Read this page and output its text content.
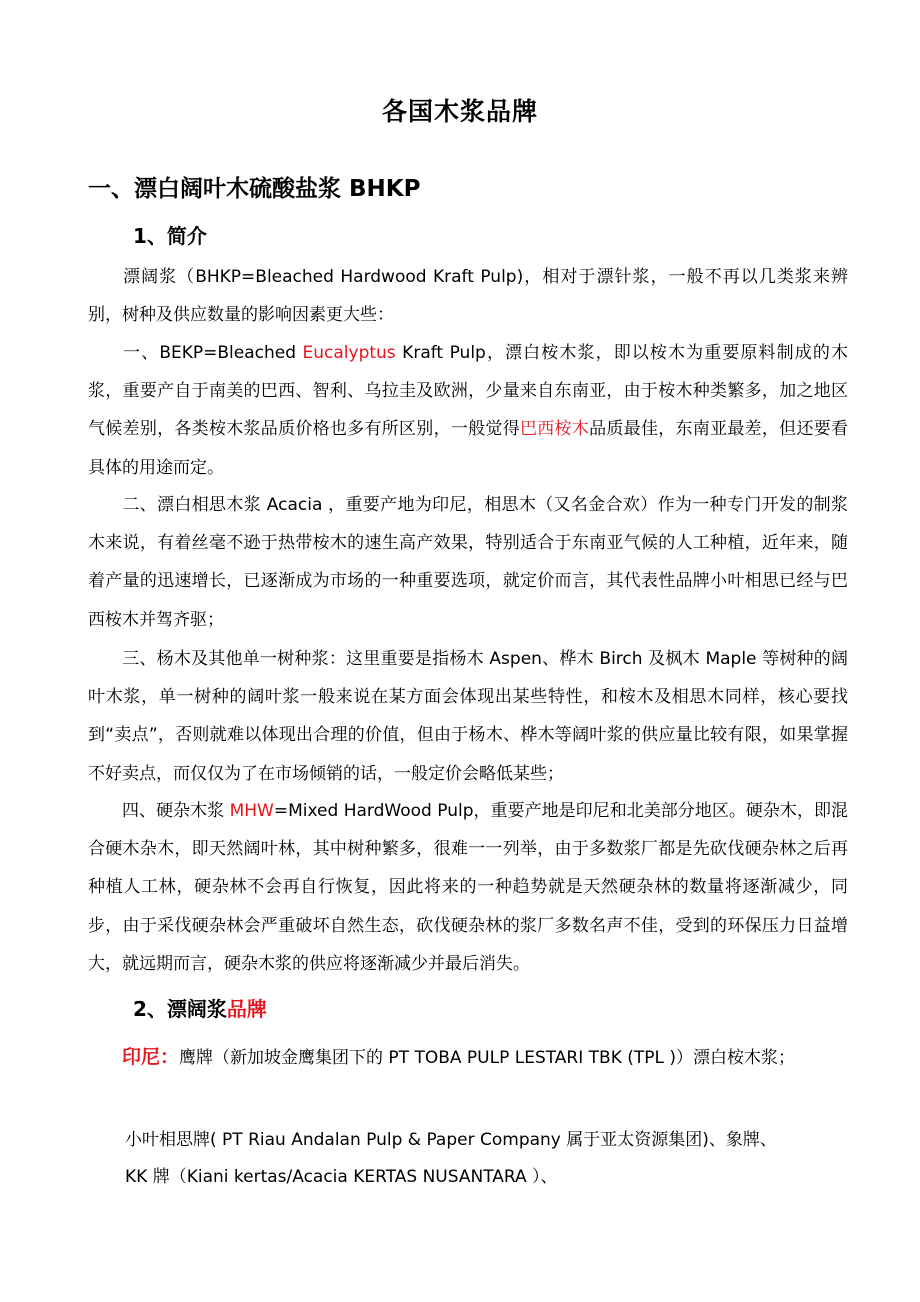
各国木浆品牌
一、漂白阔叶木硫酸盐浆 BHKP
1、简介
漂阔浆（BHKP=Bleached Hardwood Kraft Pulp)，相对于漂针浆，一般不再以几类浆来辨别，树种及供应数量的影响因素更大些：
一、BEKP=Bleached Eucalyptus Kraft Pulp，漂白桉木浆，即以桉木为重要原料制成的木浆，重要产自于南美的巴西、智利、乌拉圭及欧洲，少量来自东南亚，由于桉木种类繁多，加之地区气候差别，各类桉木浆品质价格也多有所区别，一般觉得巴西桉木品质最佳，东南亚最差，但还要看具体的用途而定。
二、漂白相思木浆 Acacia ，重要产地为印尼，相思木（又名金合欢）作为一种专门开发的制浆木来说，有着丝毫不逊于热带桉木的速生高产效果，特别适合于东南亚气候的人工种植，近年来，随着产量的迅速增长，已逐渐成为市场的一种重要选项，就定价而言，其代表性品牌小叶相思已经与巴西桉木并驾齐驱；
三、杨木及其他单一树种浆：这里重要是指杨木 Aspen、桦木 Birch 及枫木 Maple 等树种的阔叶木浆，单一树种的阔叶浆一般来说在某方面会体现出某些特性，和桉木及相思木同样，核心要找到“卖点”，否则就难以体现出合理的价值，但由于杨木、桦木等阔叶浆的供应量比较有限，如果掌握不好卖点，而仅仅为了在市场倾销的话，一般定价会略低某些；
四、硬杂木浆 MHW=Mixed HardWood Pulp，重要产地是印尼和北美部分地区。硬杂木，即混合硬木杂木，即天然阔叶林，其中树种繁多，很难一一列举，由于多数浆厂都是先砍伐硬杂林之后再种植人工林，硬杂林不会再自行恢复，因此将来的一种趋势就是天然硬杂林的数量将逐渐减少，同步，由于采伐硬杂林会严重破坏自然生态，砍伐硬杂林的浆厂多数名声不佳，受到的环保压力日益增大，就远期而言，硬杂木浆的供应将逐渐减少并最后消失。
2、漂阔浆品牌
印尼：鹰牌（新加坡金鹰集团下的 PT TOBA PULP LESTARI TBK (TPL )）漂白桉木浆；
小叶相思牌( PT Riau Andalan Pulp & Paper Company 属于亚太资源集团)、象牌、
KK 牌（Kiani kertas/Acacia KERTAS NUSANTARA ）、
